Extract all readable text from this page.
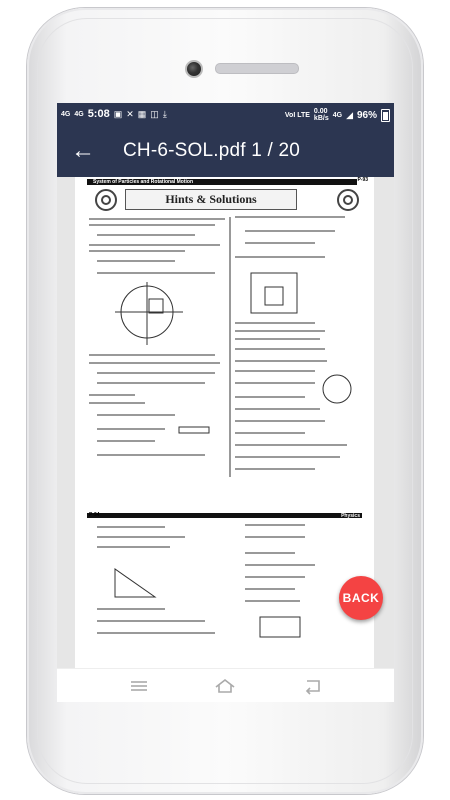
4G 4G 5:08 ▣ ✕ ▦ ◫ ⤓	VoI LTE 0.00
kB/s 4G ◢ 96%
← CH-6-SOL.pdf 1 / 20
System of Particles and Rotational Motion	P-93
Hints & Solutions
P-94	Physics
BACK
